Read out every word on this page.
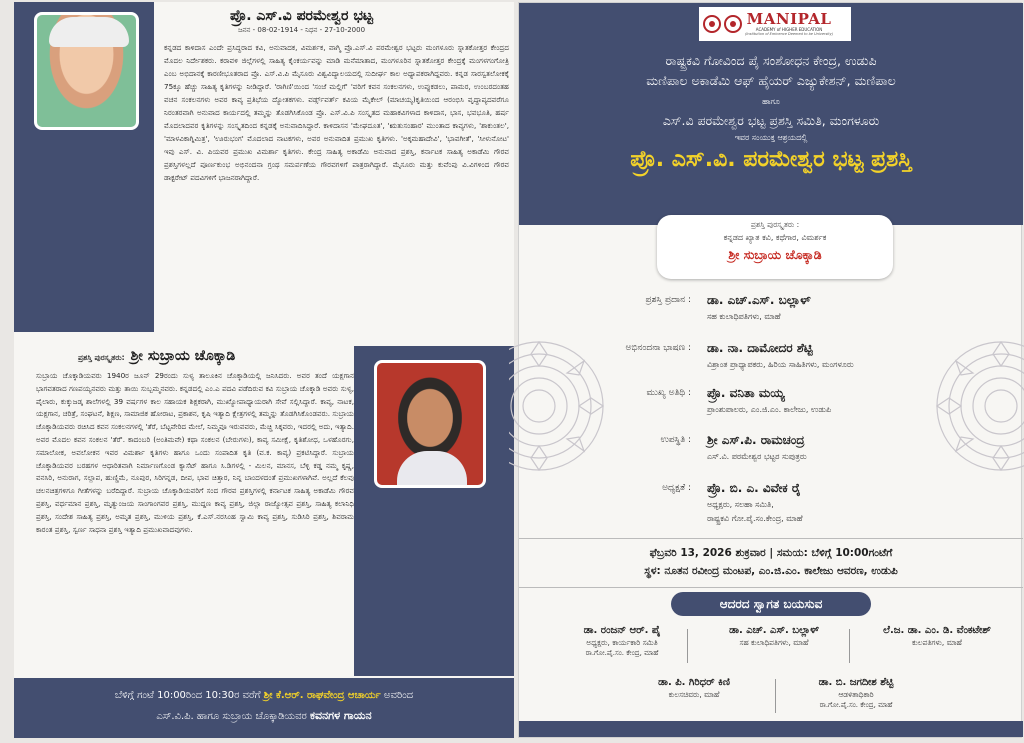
ಪ್ರೊ. ಎಸ್.ವಿ ಪರಮೇಶ್ವರ ಭಟ್ಟ
ಜನನ - 08-02-1914 - ನಿಧನ - 27-10-2000
ಕನ್ನಡದ ಕಾಳಿದಾಸ ಎಂದೇ ಪ್ರಸಿದ್ಧರಾದ ಕವಿ, ಅನುವಾದಕ, ವಿಮರ್ಶಕ, ವಾಗ್ಮಿ ಪ್ರೊ.ಎಸ್.ವಿ ಪರಮೇಶ್ವರ ಭಟ್ಟರು ಮಂಗಳೂರು ಸ್ನಾತಕೋತ್ತರ ಕೇಂದ್ರದ ಮೊದಲ ನಿರ್ದೇಶಕರು. ಕರಾವಳಿ ಜಿಲ್ಲೆಗಳಲ್ಲಿ ಸಾಹಿತ್ಯ ಕೈಂಕರ್ಯವನ್ನು ಮಾಡಿ ಮನೆಮಾತಾದ, ಮಂಗಳೂರಿನ ಸ್ನಾತಕೋತ್ತರ ಕೇಂದ್ರಕ್ಕೆ ಮಂಗಳಗಂಗೋತ್ರಿ ಎಂಬ ಅಭಿದಾನಕ್ಕೆ ಕಾರಣೀಭೂತರಾದ ಪ್ರೊ. ಎಸ್.ವಿ.ಪಿ ಮೈಸೂರು ವಿಶ್ವವಿದ್ಯಾಲಯದಲ್ಲಿ ಸುದೀರ್ಘ ಕಾಲ ಅಧ್ಯಾಪಕರಾಗಿದ್ದವರು. ಕನ್ನಡ ಸಾರಸ್ವತಲೋಕಕ್ಕೆ 75ಕ್ಕೂ ಹೆಚ್ಚು ಸಾಹಿತ್ಯ ಕೃತಿಗಳನ್ನು ನೀಡಿದ್ದಾರೆ. 'ರಾಗಿಣಿ'ಯಿಂದ 'ಸಂಜೆ ಮಲ್ಲಿಗೆ' 'ವರಿಗೆ ಕವನ ಸಂಕಲನಗಳು, ಉಪ್ಪುಕಡಲು, ಪಾಮರ, ಉಂಬರದಂತಹ ವಚನ ಸಂಕಲನಗಳು ಅವರ ಕಾವ್ಯ ಪ್ರತಿಭೆಯ ದ್ಯೋತಕಗಳು. ವರ್ಡ್ಸ್‌ವರ್ತ್ ಕವಿಯ ಮೈಕೇಲ್ (ಮಾಚಯ್ಯ)ಕೃತಿಯಿಂದ ಆರಂಭಿಸಿ ವೃದ್ಧಾಪ್ಯದವರೆಗೂ ನಿರಂತರವಾಗಿ ಅನುವಾದ ಕಾರ್ಯದಲ್ಲಿ ತಮ್ಮನ್ನು ತೊಡಗಿಸಿಕೊಂಡ ಪ್ರೊ. ಎಸ್.ವಿ.ಪಿ ಸಂಸ್ಕೃತದ ಮಹಾಕವಿಗಳಾದ ಕಾಳಿದಾಸ, ಭಾಸ, ಭವಭೂತಿ, ಹರ್ಷ ಮೊದಲಾದವರ ಕೃತಿಗಳನ್ನು ಸಂಸ್ಕೃತದಿಂದ ಕನ್ನಡಕ್ಕೆ ಅನುವಾದಿಸಿದ್ದಾರೆ. ಕಾಳಿದಾಸನ 'ಮೇಘದೂತ', 'ಋತುಸಂಹಾರ' ಮುಂತಾದ ಕಾವ್ಯಗಳು, 'ಶಾಕುಂತಲ', 'ಮಾಳವಿಕಾಗ್ನಿಮಿತ್ರ', 'ಊರುಭಂಗ' ಮೊದಲಾದ ನಾಟಕಗಳು, ಅವರ ಅನುವಾದಿತ ಪ್ರಮುಖ ಕೃತಿಗಳು. 'ಅಕ್ಕಮಹಾದೇವಿ', 'ಭಾವಗೀತೆ', 'ಸೀಳುನೋಟ' ಇವು ಎಸ್. ವಿ. ಪಿಯವರ ಪ್ರಮುಖ ವಿಮರ್ಶಾ ಕೃತಿಗಳು. ಕೇಂದ್ರ ಸಾಹಿತ್ಯ ಅಕಾಡೆಮಿ ಅನುವಾದ ಪ್ರಶಸ್ತಿ, ಕರ್ನಾಟಕ ಸಾಹಿತ್ಯ ಅಕಾಡೆಮಿ ಗೌರವ ಪ್ರಶಸ್ತಿಗಳಲ್ಲದೆ ಪೂರ್ಣಕುಂಭ ಅಭಿನಂದನಾ ಗ್ರಂಥ ಸಮರ್ಪಣೆಯ ಗೌರವಗಳಿಗೆ ಪಾತ್ರರಾಗಿದ್ದಾರೆ. ಮೈಸೂರು ಮತ್ತು ಕುವೆಂಪು ವಿ.ವಿಗಳಿಂದ ಗೌರವ ಡಾಕ್ಟರೇಟ್ ಪದವಿಗಳಿಗೆ ಭಾಜನರಾಗಿದ್ದಾರೆ.
ಪ್ರಶಸ್ತಿ ಪುರಸ್ಕೃತರು: ಶ್ರೀ ಸುಬ್ರಾಯ ಚೊಕ್ಕಾಡಿ
ಸುಬ್ರಾಯ ಚೊಕ್ಕಾಡಿಯವರು 1940ರ ಜೂನ್ 29ರಂದು ಸುಳ್ಯ ತಾಲೂಕಿನ ಚೊಕ್ಕಾಡಿಯಲ್ಲಿ ಜನಿಸಿದರು. ಅವರ ತಂದೆ ಯಕ್ಷಗಾನ ಭಾಗವತರಾದ ಗಣಪಯ್ಯನವರು ಮತ್ತು ತಾಯಿ ಸುಬ್ಬಮ್ಮನವರು. ಕನ್ನಡದಲ್ಲಿ ಎಂ.ಎ ಪದವಿ ಪಡೆದಿರುವ ಕವಿ ಸುಬ್ರಾಯ ಚೊಕ್ಕಾಡಿ ಅವರು ಸುಳ್ಯ, ಪೈಲಾರು, ಕುಕ್ಕುಜಡ್ಕ ಶಾಲೆಗಳಲ್ಲಿ 39 ವರ್ಷಗಳ ಕಾಲ ಸಹಾಯಕ ಶಿಕ್ಷಕರಾಗಿ, ಮುಖ್ಯೋಪಾಧ್ಯಾಯರಾಗಿ ಸೇವೆ ಸಲ್ಲಿಸಿದ್ದಾರೆ. ಕಾವ್ಯ, ನಾಟಕ, ಯಕ್ಷಗಾನ, ಚರಿತ್ರೆ, ಸಂಘಟನೆ, ಶಿಕ್ಷಣ, ಸಾಮಾಜಿಕ ಹೋರಾಟ, ಪ್ರಕಾಶನ, ಕೃಷಿ ಇತ್ಯಾದಿ ಕ್ಷೇತ್ರಗಳಲ್ಲಿ ತಮ್ಮನ್ನು ತೊಡಗಿಸಿಕೊಂಡವರು. ಸುಬ್ರಾಯ ಚೊಕ್ಕಾಡಿಯವರು ರಚಿಸಿದ ಕವನ ಸಂಕಲನಗಳಲ್ಲಿ 'ತೆರೆ, ಬೆಟ್ಟವೇರಿದ ಮೇಲೆ, ನಿಮ್ಮವೂ ಇರುವವರು, ಮೆಚ್ಚಿ ಸಿಕ್ಕವರು, ಇದರಲ್ಲಿ ಅದು, ಇತ್ಯಾದಿ. ಅವರ ಮೊದಲ ಕವನ ಸಂಕಲನ 'ತೆರೆ'. ಕಾದಂಬರಿ (ಅಂತಿಮವೇ) ಕಥಾ ಸಂಕಲನ (ಬೇರುಗಳು), ಕಾವ್ಯ ಸಮೀಕ್ಷೆ, ಕೃತಿಶೋಧ, ಒಳಹೊರಗು, ಸಮಾಲೋಕ, ಅವಲೋಕನ ಇವರ ವಿಮರ್ಶಾ ಕೃತಿಗಳು ಹಾಗೂ ಒಂದು ಸಂಪಾದಿತ ಕೃತಿ (ವ.ಕ. ಕಾವ್ಯ) ಪ್ರಕಟಿಸಿದ್ದಾರೆ. ಸುಬ್ರಾಯ ಚೊಕ್ಕಾಡಿಯವರ ಬರಹಗಳ ಆಧಾರಿತವಾಗಿ ನಿರ್ಮಾಣಗೊಂಡ ಕ್ಯಾಸೆಟ್ ಹಾಗೂ ಸಿ.ಡಿಗಳಲ್ಲಿ - ಮಿಲನ, ಮಾನಸ, ಬೆಳ್ಳಿ ಕಡ್ಡ ನಮ್ಮ ಕೃಷ್ಣ, ವನಸಿರಿ, ಅನುರಾಗ, ಸಲ್ಲಾಪ, ಹುಣ್ಣಿಮೆ, ನೂಪುರ, ಸಿರಿಗನ್ನಡ, ದೀಪ, ಭಾವ ಚಿತ್ತಾರ, ನಿನ್ನ ಬಾಂದಳದಂತೆ ಪ್ರಮುಖಗಳಾಗಿವೆ. ಅಲ್ಲದೆ ಕೆಲವು ಚಲನಚಿತ್ರಗಳಿಗೂ ಗೀತೆಗಳನ್ನು ಬರೆದಿದ್ದಾರೆ. ಸುಬ್ರಾಯ ಚೊಕ್ಕಾಡಿಯವರಿಗೆ ಸಂದ ಗೌರವ ಪ್ರಶಸ್ತಿಗಳಲ್ಲಿ ಕರ್ನಾಟಕ ಸಾಹಿತ್ಯ ಅಕಾಡೆಮಿ ಗೌರವ ಪ್ರಶಸ್ತಿ, ವರ್ಧಮಾನ ಪ್ರಶಸ್ತಿ, ಮೃತ್ಯುಂಜಯ ಸಾಂಗಾಂಗವರ ಪ್ರಶಸ್ತಿ, ಮುದ್ದಣ ಕಾವ್ಯ ಪ್ರಶಸ್ತಿ, ಜಿಲ್ಲಾ ರಾಜ್ಯೋತ್ಸವ ಪ್ರಶಸ್ತಿ, ಸಾಹಿತ್ಯ ಕಲಾನಿಧಿ ಪ್ರಶಸ್ತಿ, ಸಂದೇಶ ಸಾಹಿತ್ಯ ಪ್ರಶಸ್ತಿ, ಅಮೃತ ಪ್ರಶಸ್ತಿ, ಮುಳಿಯ ಪ್ರಶಸ್ತಿ, ಕೆ.ಎಸ್.ನರಸಿಂಹ ಸ್ವಾಮಿ ಕಾವ್ಯ ಪ್ರಶಸ್ತಿ, ಸುಡಿಸಿರಿ ಪ್ರಶಸ್ತಿ, ಶಿವರಾಮ ಕಾರಂತ ಪ್ರಶಸ್ತಿ, ಸ್ವರ್ಣ ಸಾಧನಾ ಪ್ರಶಸ್ತಿ ಇತ್ಯಾದಿ ಪ್ರಮುಖವಾದವುಗಳು.
ಬೆಳಿಗ್ಗೆ ಗಂಟೆ 10:00ರಿಂದ 10:30ರ ವರೆಗೆ ಶ್ರೀ ಕೆ.ಆರ್. ರಾಘವೇಂದ್ರ ಆಚಾರ್ಯ ಅವರಿಂದ
ಎಸ್.ವಿ.ಪಿ. ಹಾಗೂ ಸುಬ್ರಾಯ ಚೊಕ್ಕಾಡಿಯವರ ಕವನಗಳ ಗಾಯನ
MANIPAL
ACADEMY of HIGHER EDUCATION
(Institution of Eminence Deemed to be University)
ರಾಷ್ಟ್ರಕವಿ ಗೋವಿಂದ ಪೈ ಸಂಶೋಧನ ಕೇಂದ್ರ, ಉಡುಪಿ
ಮಣಿಪಾಲ ಅಕಾಡೆಮಿ ಆಫ್ ಹೈಯರ್ ಎಜ್ಯುಕೇಶನ್, ಮಣಿಪಾಲ
ಹಾಗೂ
ಎಸ್.ವಿ ಪರಮೇಶ್ವರ ಭಟ್ಟ ಪ್ರಶಸ್ತಿ ಸಮಿತಿ, ಮಂಗಳೂರು
ಇವರ ಸಂಯುಕ್ತ ಆಶ್ರಯದಲ್ಲಿ
ಪ್ರೊ. ಎಸ್.ವಿ. ಪರಮೇಶ್ವರ ಭಟ್ಟ ಪ್ರಶಸ್ತಿ
ಪ್ರಶಸ್ತಿ ಪುರಸ್ಕೃತರು :
ಕನ್ನಡದ ಖ್ಯಾತ ಕವಿ, ಕಥೆಗಾರ, ವಿಮರ್ಶಕ
ಶ್ರೀ ಸುಬ್ರಾಯ ಚೊಕ್ಕಾಡಿ
ಪ್ರಶಸ್ತಿ ಪ್ರದಾನ : ಡಾ. ಎಚ್.ಎಸ್. ಬಲ್ಲಾಳ್
ಸಹ ಕುಲಾಧಿಪತಿಗಳು, ಮಾಹೆ
ಅಭಿನಂದನಾ ಭಾಷಣ : ಡಾ. ನಾ. ದಾಮೋದರ ಶೆಟ್ಟಿ
ವಿಶ್ರಾಂತ ಪ್ರಾಧ್ಯಾಪಕರು, ಹಿರಿಯ ಸಾಹಿತಿಗಳು, ಮಂಗಳೂರು
ಮುಖ್ಯ ಅತಿಥಿ : ಪ್ರೊ. ವನಿತಾ ಮಯ್ಯ
ಪ್ರಾಂಶುಪಾಲರು, ಎಂ.ಜಿ.ಎಂ. ಕಾಲೇಜು, ಉಡುಪಿ
ಉಪಸ್ಥಿತಿ : ಶ್ರೀ ಎಸ್.ಪಿ. ರಾಮಚಂದ್ರ
ಎಸ್.ವಿ. ಪರಮೇಶ್ವರ ಭಟ್ಟರ ಸುಪುತ್ರರು
ಅಧ್ಯಕ್ಷತೆ : ಪ್ರೊ. ಬಿ. ಎ. ವಿವೇಕ ರೈ
ಅಧ್ಯಕ್ಷರು, ಸಲಹಾ ಸಮಿತಿ,
ರಾಷ್ಟ್ರಕವಿ ಗೋ.ಪೈ.ಸಂ.ಕೇಂದ್ರ, ಮಾಹೆ
ಫೆಬ್ರವರಿ 13, 2026 ಶುಕ್ರವಾರ | ಸಮಯ: ಬೆಳಿಗ್ಗೆ 10:00ಗಂಟೆಗೆ
ಸ್ಥಳ: ನೂತನ ರವೀಂದ್ರ ಮಂಟಪ, ಎಂ.ಜಿ.ಎಂ. ಕಾಲೇಜು ಆವರಣ, ಉಡುಪಿ
ಆದರದ ಸ್ವಾಗತ ಬಯಸುವ
ಡಾ. ರಂಜನ್ ಆರ್. ಪೈ
ಅಧ್ಯಕ್ಷರು, ಕಾರ್ಯಕಾರಿ ಸಮಿತಿ
ರಾ.ಗೋ.ಪೈ.ಸಂ. ಕೇಂದ್ರ, ಮಾಹೆ
ಡಾ. ಎಚ್. ಎಸ್. ಬಲ್ಲಾಳ್
ಸಹ ಕುಲಾಧಿಪತಿಗಳು, ಮಾಹೆ
ಲೆ.ಜ. ಡಾ. ಎಂ. ಡಿ. ವೆಂಕಟೇಶ್
ಕುಲಪತಿಗಳು, ಮಾಹೆ
ಡಾ. ಪಿ. ಗಿರಿಧರ್ ಕಿಣಿ
ಕುಲಸಚಿವರು, ಮಾಹೆ
ಡಾ. ಬಿ. ಜಗದೀಶ ಶೆಟ್ಟಿ
ಆಡಳಿತಾಧಿಕಾರಿ
ರಾ.ಗೋ.ಪೈ.ಸಂ. ಕೇಂದ್ರ, ಮಾಹೆ
